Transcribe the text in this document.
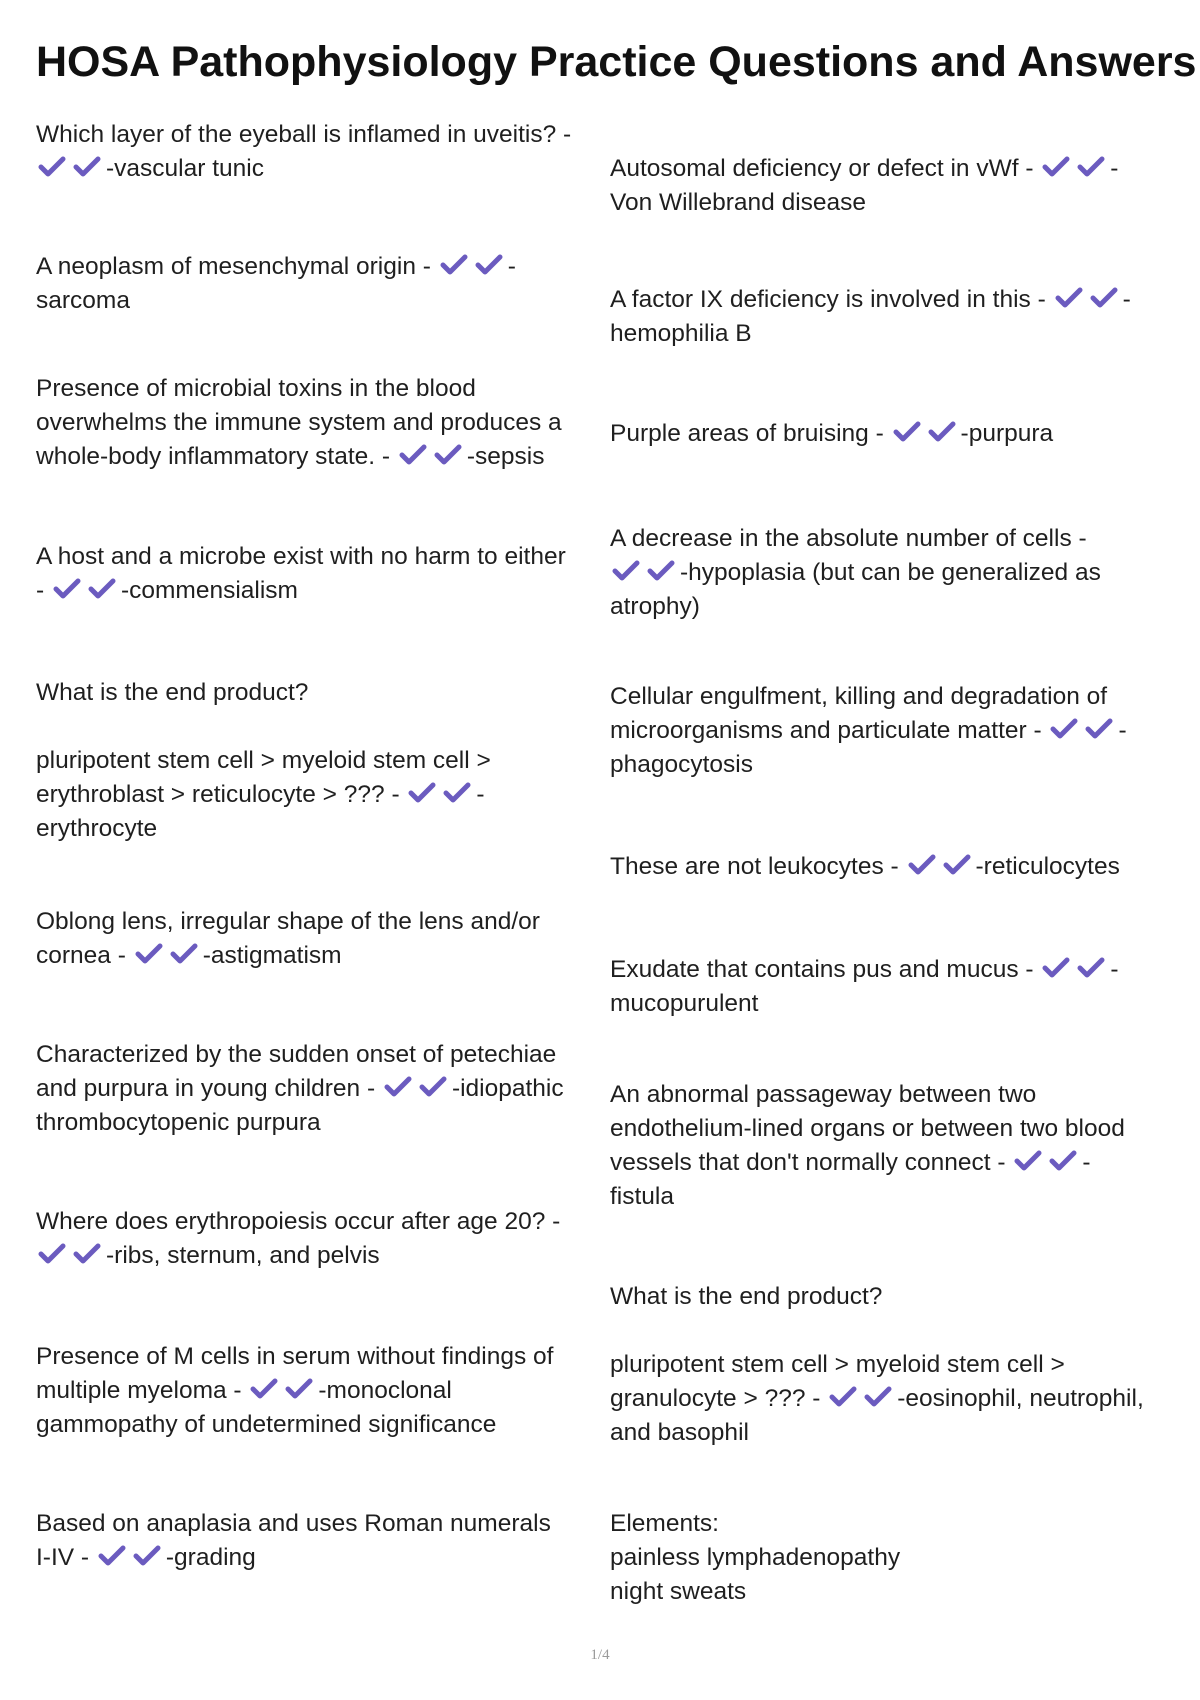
HOSA Pathophysiology Practice Questions and Answers

Which layer of the eyeball is inflamed in uveitis? -

-vascular tunic

A neoplasm of mesenchymal origin -	-

sarcoma

Presence of microbial toxins in the blood

overwhelms the immune system and produces a

whole-body inflammatory state. -	-sepsis

A host and a microbe exist with no harm to either

-	-commensialism

What is the end product?

pluripotent stem cell > myeloid stem cell >

erythroblast > reticulocyte > ??? -	-

erythrocyte

Oblong lens, irregular shape of the lens and/or

cornea -	-astigmatism

Characterized by the sudden onset of petechiae

and purpura in young children -	-idiopathic

thrombocytopenic purpura

Where does erythropoiesis occur after age 20? -

-ribs, sternum, and pelvis

Presence of M cells in serum without findings of

multiple myeloma -	-monoclonal

gammopathy of undetermined significance

Based on anaplasia and uses Roman numerals

I-IV -	-grading

Autosomal deficiency or defect in vWf -	-

Von Willebrand disease

A factor IX deficiency is involved in this -	-

hemophilia B

Purple areas of bruising -	-purpura

A decrease in the absolute number of cells -

-hypoplasia (but can be generalized as

atrophy)

Cellular engulfment, killing and degradation of

microorganisms and particulate matter -	-

phagocytosis

These are not leukocytes -	-reticulocytes

Exudate that contains pus and mucus -	-

mucopurulent

An abnormal passageway between two

endothelium-lined organs or between two blood

vessels that don't normally connect -	-

fistula

What is the end product?

pluripotent stem cell > myeloid stem cell >

granulocyte > ??? -	-eosinophil, neutrophil,

and basophil

Elements:

painless lymphadenopathy

night sweats

1/4
